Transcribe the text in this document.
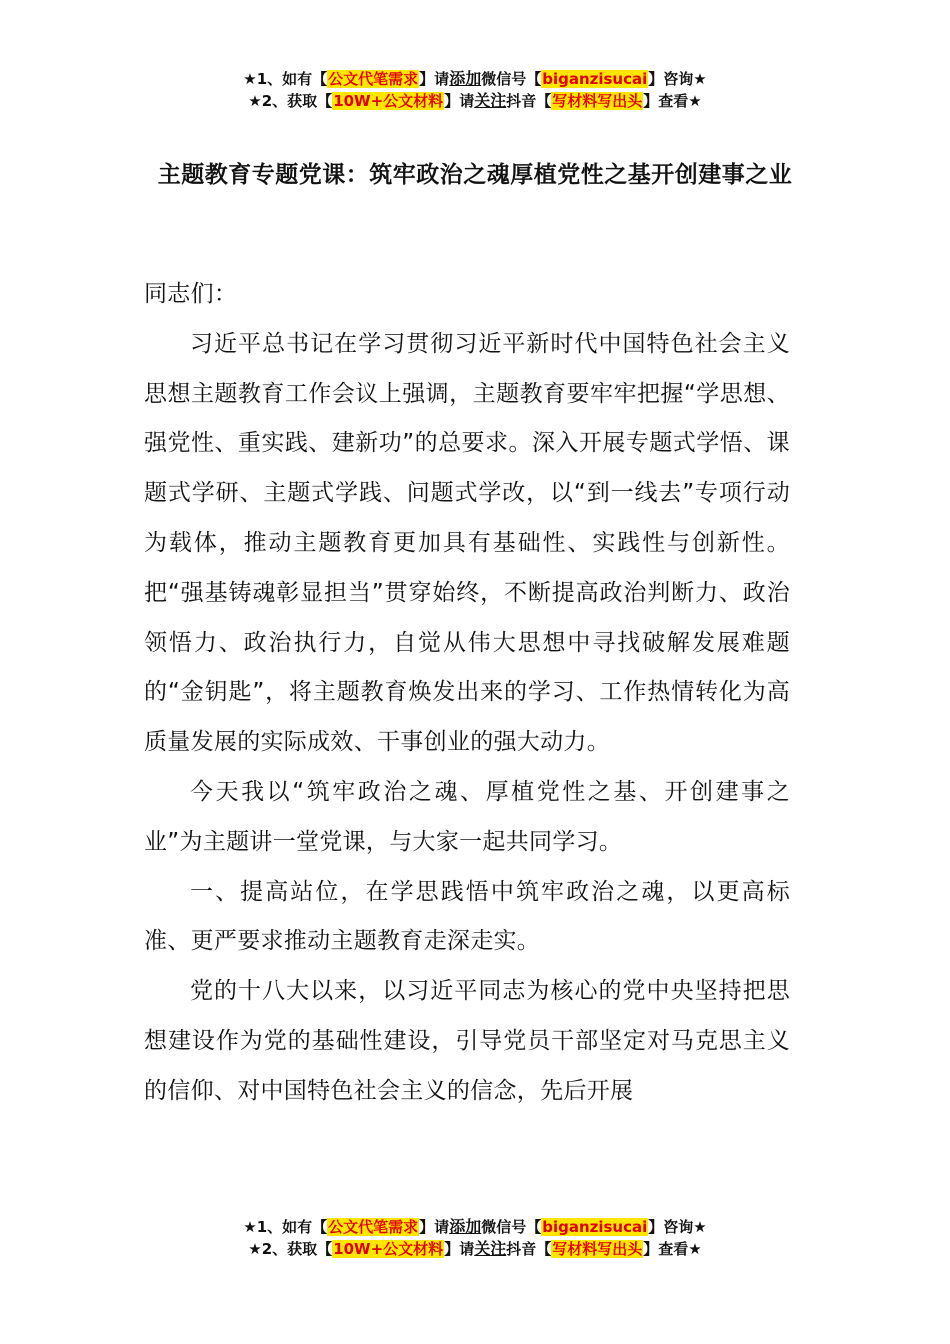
★1、如有【公文代笔需求】请添加微信号【biganzisucai】咨询★
★2、获取【10W+公文材料】请关注抖音【写材料写出头】查看★
主题教育专题党课：筑牢政治之魂厚植党性之基开创建事之业

同志们：

习近平总书记在学习贯彻习近平新时代中国特色社会主义思想主题教育工作会议上强调，主题教育要牢牢把握“学思想、强党性、重实践、建新功”的总要求。深入开展专题式学悟、课题式学研、主题式学践、问题式学改，以“到一线去”专项行动为载体，推动主题教育更加具有基础性、实践性与创新性。把“强基铸魂彰显担当”贯穿始终，不断提高政治判断力、政治领悟力、政治执行力，自觉从伟大思想中寻找破解发展难题的“金钥匙”，将主题教育焕发出来的学习、工作热情转化为高质量发展的实际成效、干事创业的强大动力。

今天我以“筑牢政治之魂、厚植党性之基、开创建事之业”为主题讲一堂党课，与大家一起共同学习。

一、提高站位，在学思践悟中筑牢政治之魂，以更高标准、更严要求推动主题教育走深走实。

党的十八大以来，以习近平同志为核心的党中央坚持把思想建设作为党的基础性建设，引导党员干部坚定对马克思主义的信仰、对中国特色社会主义的信念，先后开展

★1、如有【公文代笔需求】请添加微信号【biganzisucai】咨询★
★2、获取【10W+公文材料】请关注抖音【写材料写出头】查看★
